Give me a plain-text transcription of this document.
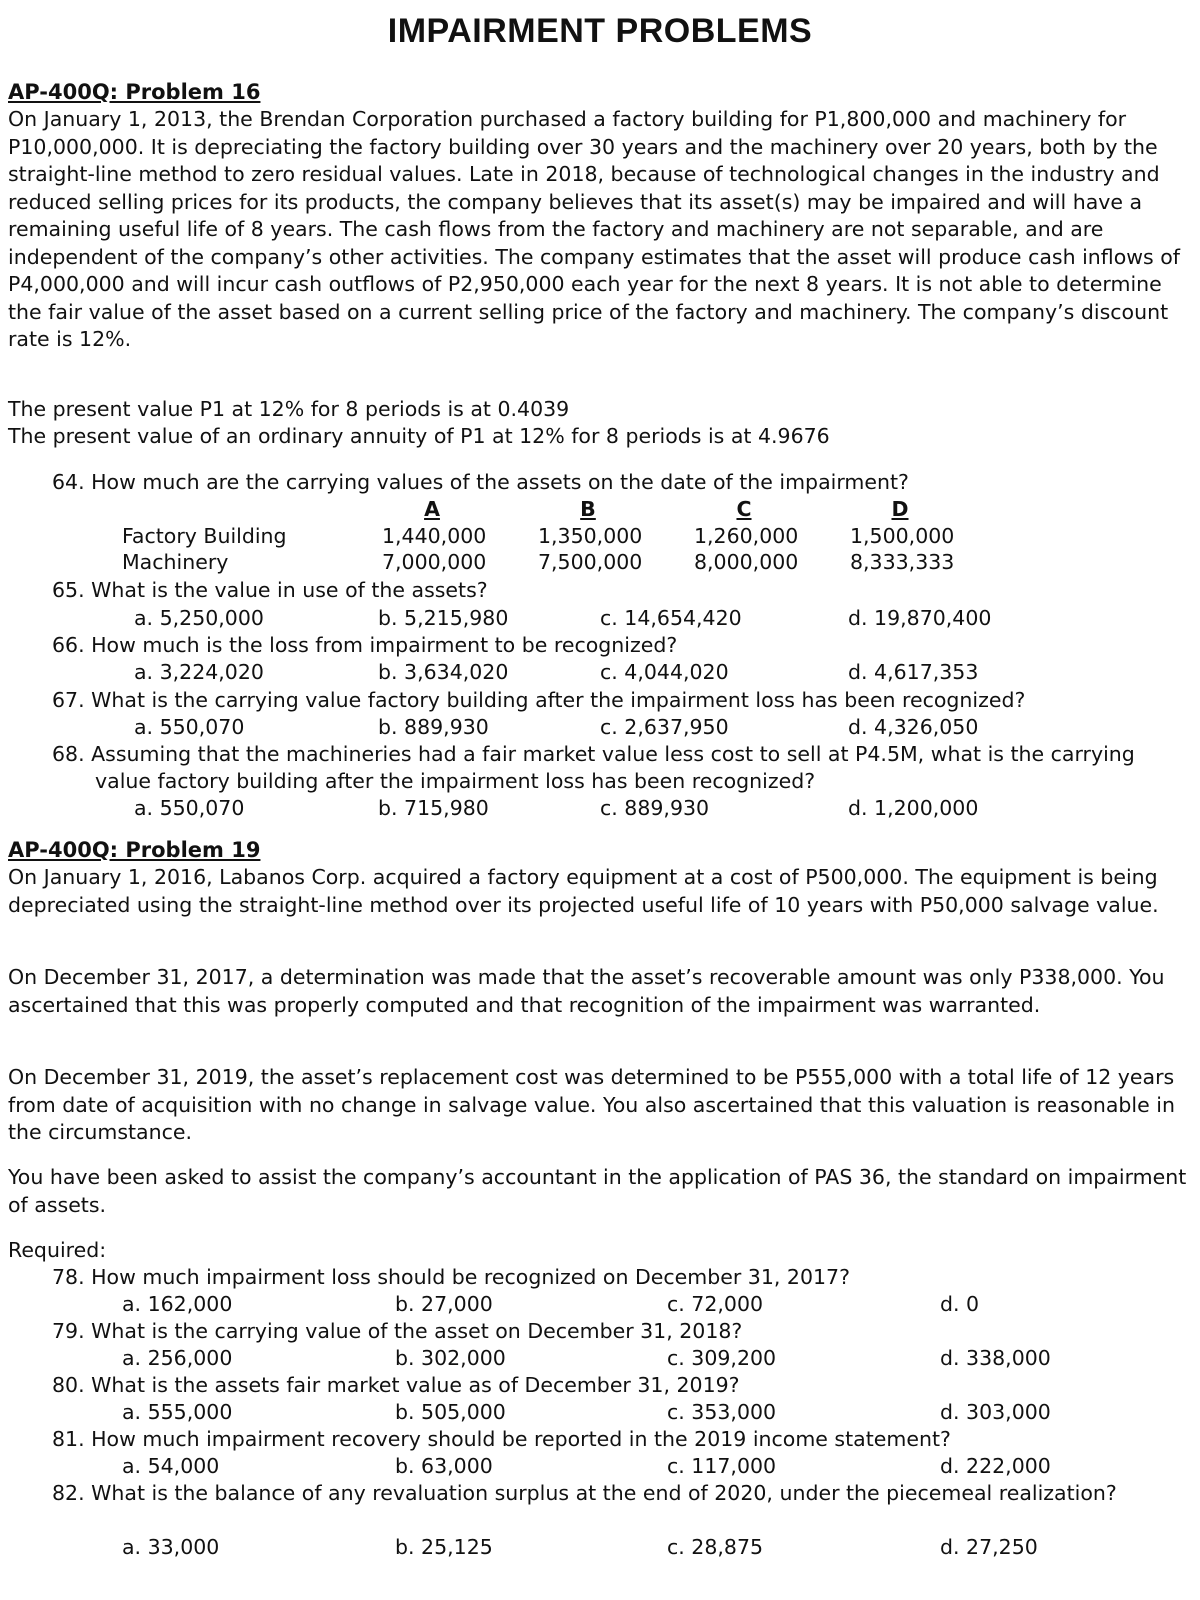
IMPAIRMENT PROBLEMS
AP-400Q: Problem 16
On January 1, 2013, the Brendan Corporation purchased a factory building for P1,800,000 and machinery for P10,000,000. It is depreciating the factory building over 30 years and the machinery over 20 years, both by the straight-line method to zero residual values. Late in 2018, because of technological changes in the industry and reduced selling prices for its products, the company believes that its asset(s) may be impaired and will have a remaining useful life of 8 years. The cash flows from the factory and machinery are not separable, and are independent of the company’s other activities. The company estimates that the asset will produce cash inflows of P4,000,000 and will incur cash outflows of P2,950,000 each year for the next 8 years. It is not able to determine the fair value of the asset based on a current selling price of the factory and machinery. The company’s discount rate is 12%.
The present value P1 at 12% for 8 periods is at 0.4039
The present value of an ordinary annuity of P1 at 12% for 8 periods is at 4.9676
64. How much are the carrying values of the assets on the date of the impairment?
A	B	C	D
Factory Building	1,440,000	1,350,000	1,260,000	1,500,000
Machinery	7,000,000	7,500,000	8,000,000	8,333,333
65. What is the value in use of the assets?
a. 5,250,000	b. 5,215,980	c. 14,654,420	d. 19,870,400
66. How much is the loss from impairment to be recognized?
a. 3,224,020	b. 3,634,020	c. 4,044,020	d. 4,617,353
67. What is the carrying value factory building after the impairment loss has been recognized?
a. 550,070	b. 889,930	c. 2,637,950	d. 4,326,050
68. Assuming that the machineries had a fair market value less cost to sell at P4.5M, what is the carrying value factory building after the impairment loss has been recognized?
a. 550,070	b. 715,980	c. 889,930	d. 1,200,000
AP-400Q: Problem 19
On January 1, 2016, Labanos Corp. acquired a factory equipment at a cost of P500,000. The equipment is being depreciated using the straight-line method over its projected useful life of 10 years with P50,000 salvage value.
On December 31, 2017, a determination was made that the asset’s recoverable amount was only P338,000. You ascertained that this was properly computed and that recognition of the impairment was warranted.
On December 31, 2019, the asset’s replacement cost was determined to be P555,000 with a total life of 12 years from date of acquisition with no change in salvage value. You also ascertained that this valuation is reasonable in the circumstance.
You have been asked to assist the company’s accountant in the application of PAS 36, the standard on impairment of assets.
Required:
78. How much impairment loss should be recognized on December 31, 2017?
a. 162,000	b. 27,000	c. 72,000	d. 0
79. What is the carrying value of the asset on December 31, 2018?
a. 256,000	b. 302,000	c. 309,200	d. 338,000
80. What is the assets fair market value as of December 31, 2019?
a. 555,000	b. 505,000	c. 353,000	d. 303,000
81. How much impairment recovery should be reported in the 2019 income statement?
a. 54,000	b. 63,000	c. 117,000	d. 222,000
82. What is the balance of any revaluation surplus at the end of 2020, under the piecemeal realization?
a. 33,000	b. 25,125	c. 28,875	d. 27,250
